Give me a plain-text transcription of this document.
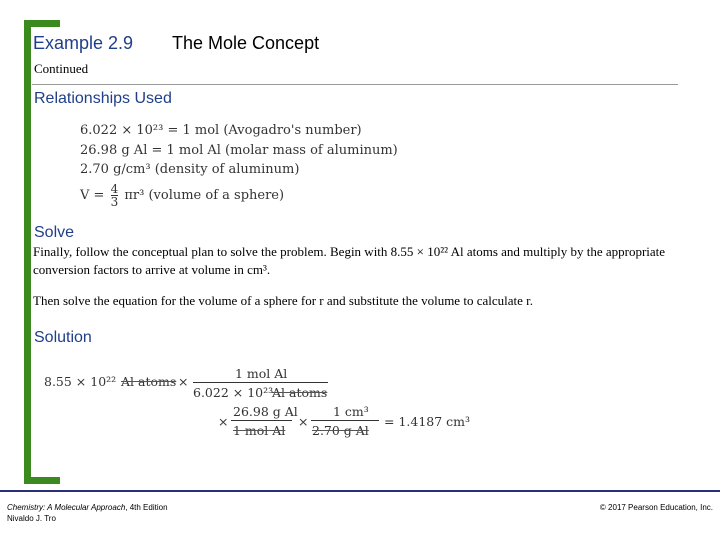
Example 2.9 The Mole Concept
Continued
Relationships Used
6.022 × 10²³ = 1 mol (Avogadro's number)
26.98 g Al = 1 mol Al (molar mass of aluminum)
2.70 g/cm³ (density of aluminum)
$V = \frac{4}{3} \pi r^3$ (volume of a sphere)
Solve
Finally, follow the conceptual plan to solve the problem. Begin with 8.55 × 10²² Al atoms and multiply by the appropriate conversion factors to arrive at volume in cm³.
Then solve the equation for the volume of a sphere for r and substitute the volume to calculate r.
Solution
8.55 × 10²² Al atoms ×
1 mol Al
6.022 × 10²³
Al atoms
×
26.98 g Al
1 mol Al
×
1 cm³
2.70 g Al
= 1.4187 cm³
Chemistry: A Molecular Approach, 4th Edition
Nivaldo J. Tro
© 2017 Pearson Education, Inc.
